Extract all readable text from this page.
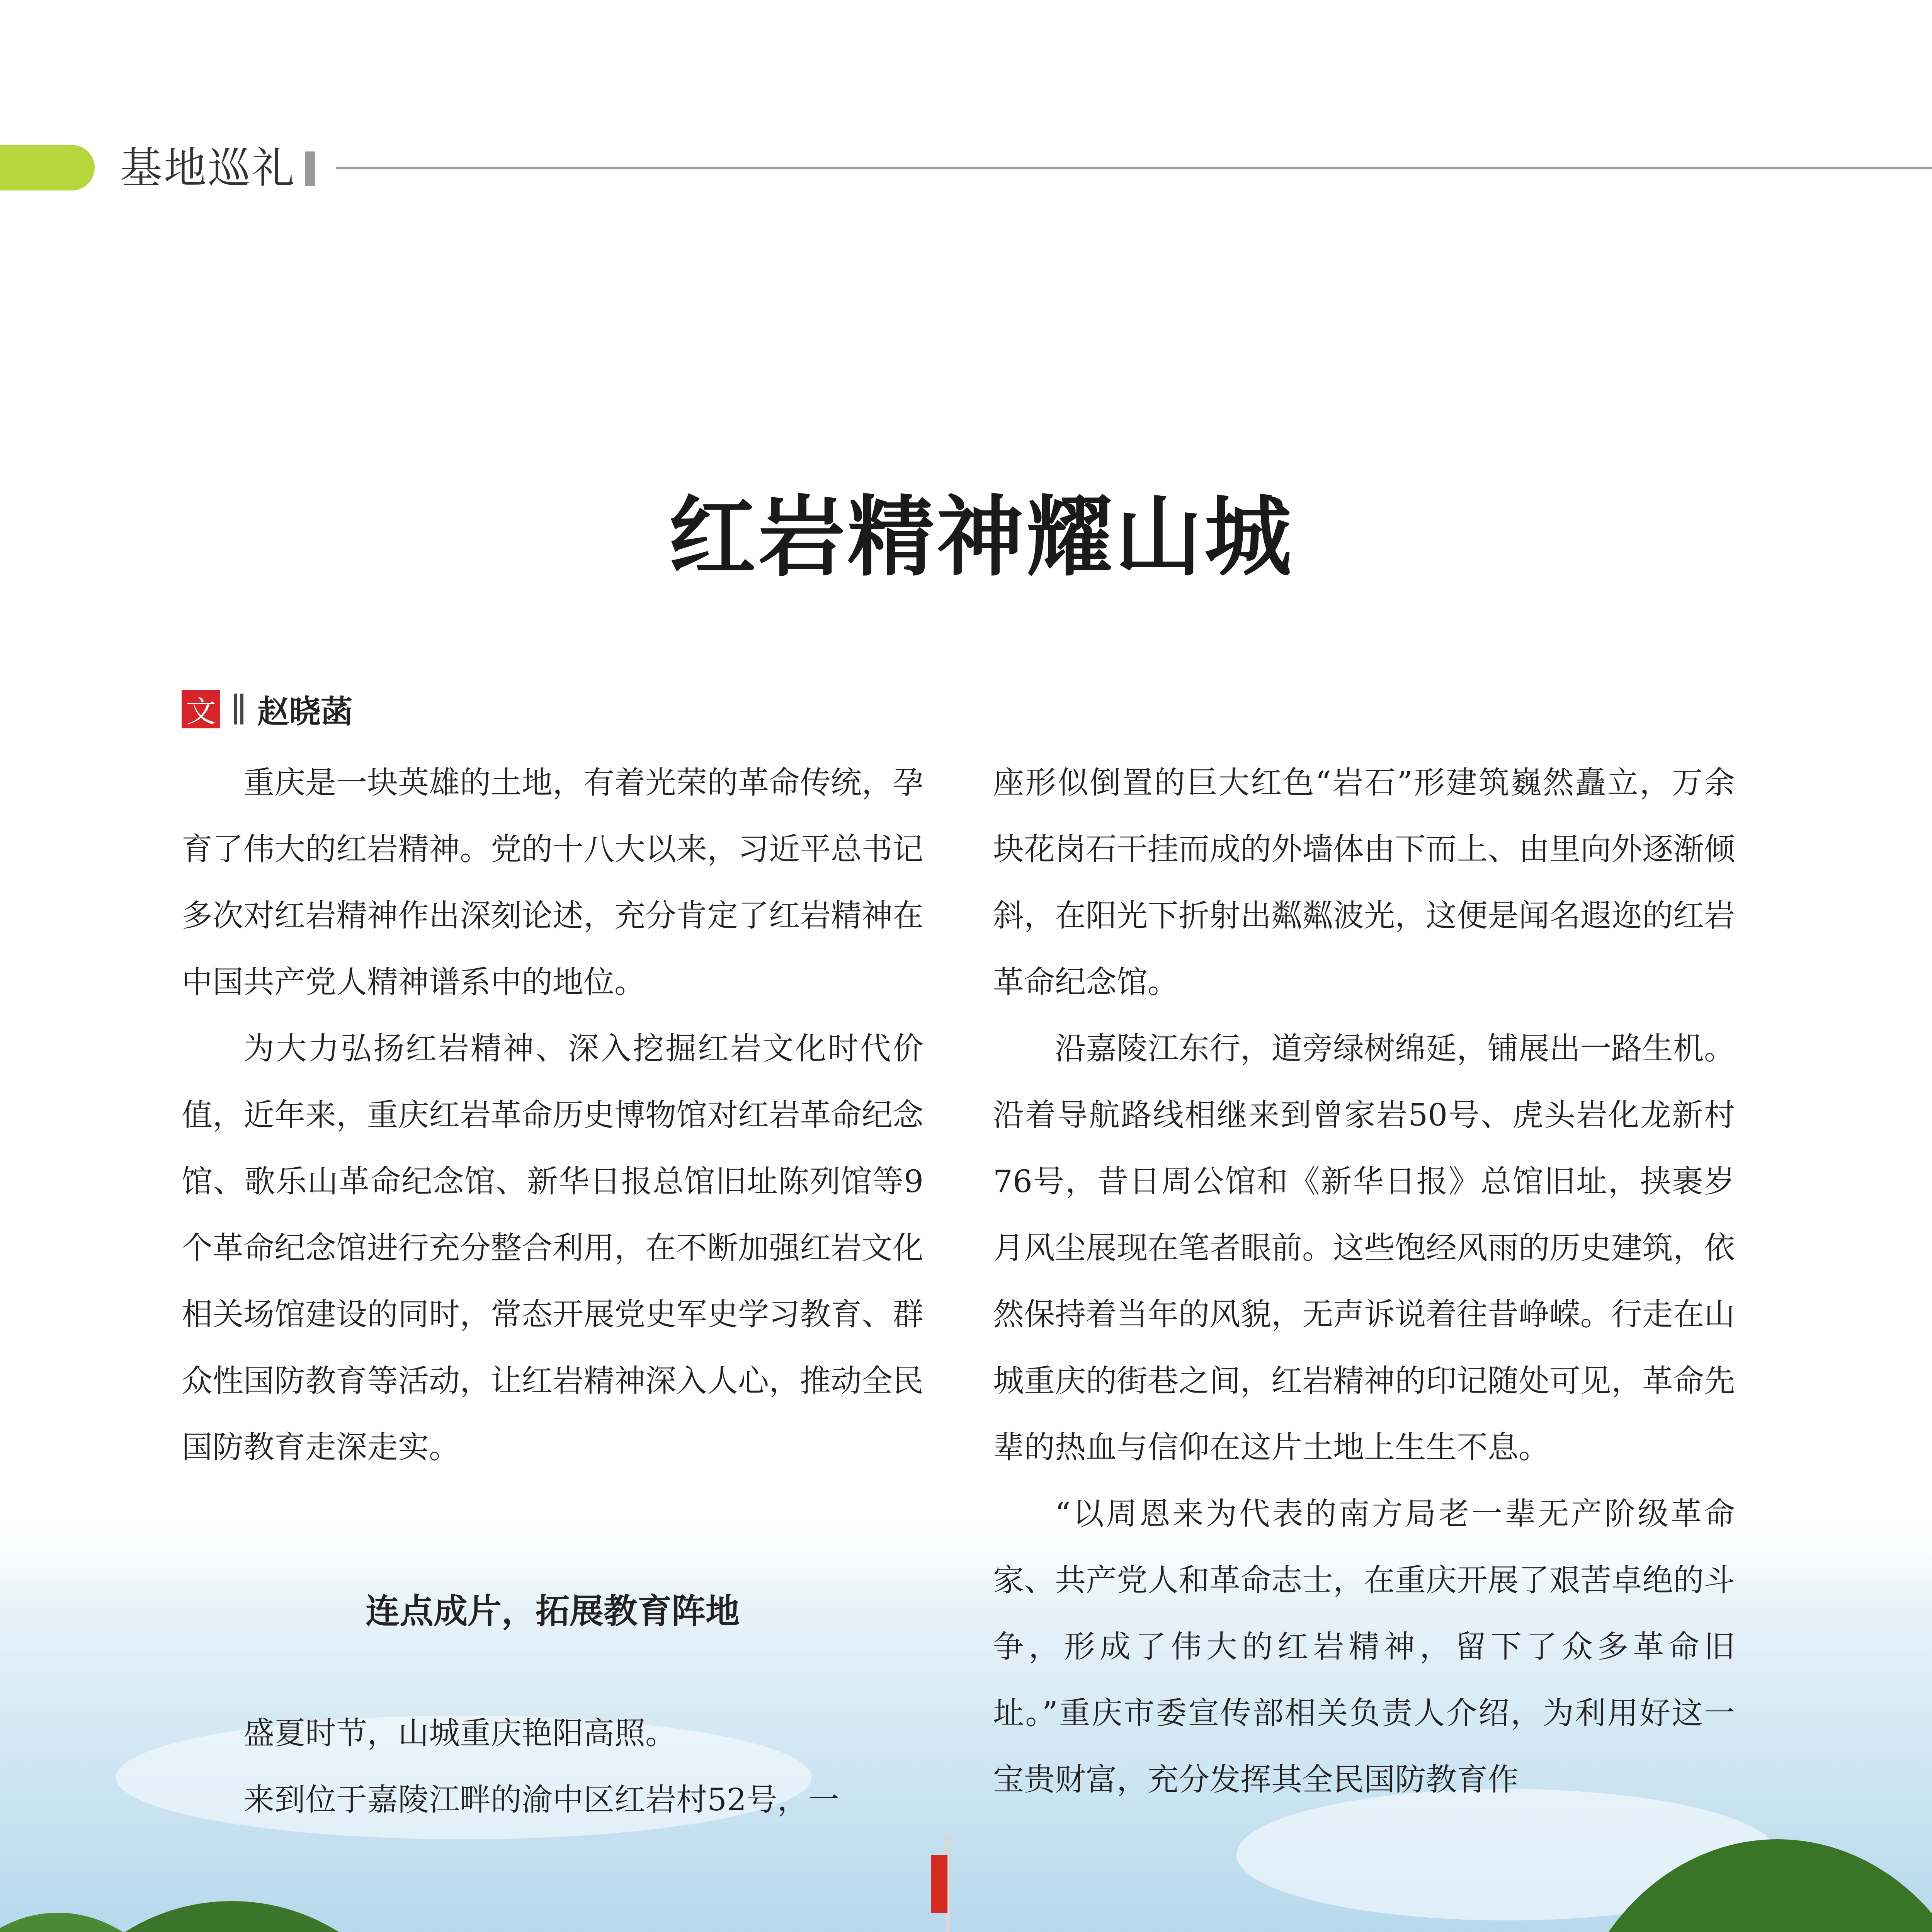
基地巡礼
红岩精神耀山城
文 赵晓菡

重庆是一块英雄的土地，有着光荣的革命传统，孕育了伟大的红岩精神。党的十八大以来，习近平总书记多次对红岩精神作出深刻论述，充分肯定了红岩精神在中国共产党人精神谱系中的地位。

为大力弘扬红岩精神、深入挖掘红岩文化时代价值，近年来，重庆红岩革命历史博物馆对红岩革命纪念馆、歌乐山革命纪念馆、新华日报总馆旧址陈列馆等9个革命纪念馆进行充分整合利用，在不断加强红岩文化相关场馆建设的同时，常态开展党史军史学习教育、群众性国防教育等活动，让红岩精神深入人心，推动全民国防教育走深走实。

连点成片，拓展教育阵地

盛夏时节，山城重庆艳阳高照。

来到位于嘉陵江畔的渝中区红岩村52号，一

座形似倒置的巨大红色“岩石”形建筑巍然矗立，万余块花岗石干挂而成的外墙体由下而上、由里向外逐渐倾斜，在阳光下折射出粼粼波光，这便是闻名遐迩的红岩革命纪念馆。

沿嘉陵江东行，道旁绿树绵延，铺展出一路生机。沿着导航路线相继来到曾家岩50号、虎头岩化龙新村76号，昔日周公馆和《新华日报》总馆旧址，挟裹岁月风尘展现在笔者眼前。这些饱经风雨的历史建筑，依然保持着当年的风貌，无声诉说着往昔峥嵘。行走在山城重庆的街巷之间，红岩精神的印记随处可见，革命先辈的热血与信仰在这片土地上生生不息。

“以周恩来为代表的南方局老一辈无产阶级革命家、共产党人和革命志士，在重庆开展了艰苦卓绝的斗争，形成了伟大的红岩精神，留下了众多革命旧址。”重庆市委宣传部相关负责人介绍，为利用好这一宝贵财富，充分发挥其全民国防教育作
